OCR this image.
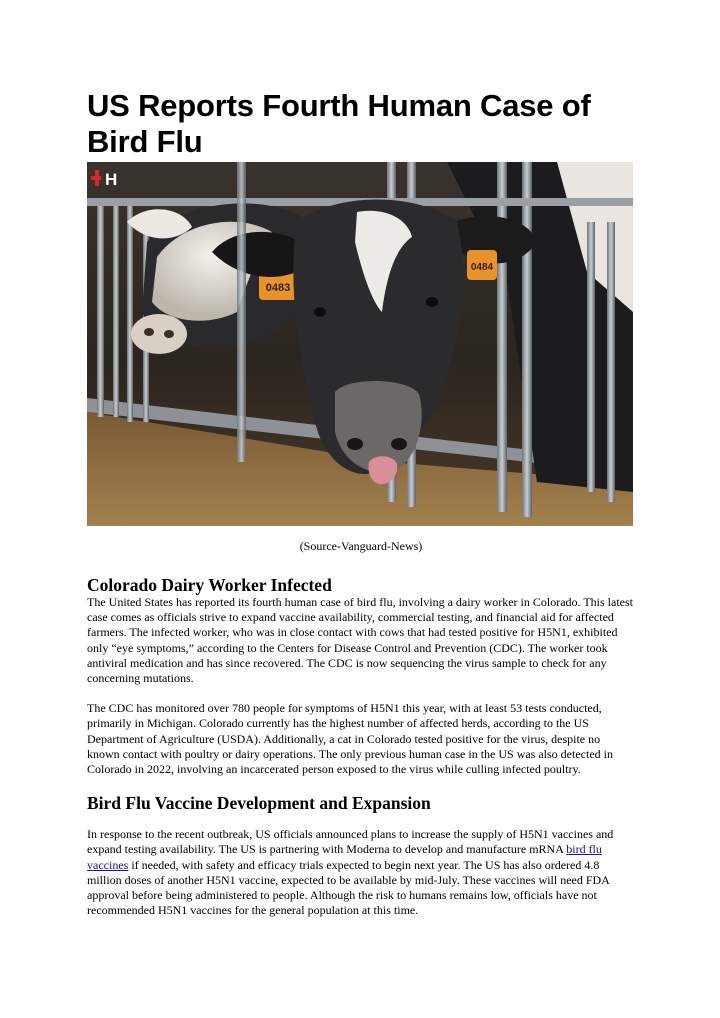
US Reports Fourth Human Case of Bird Flu
0483
0484
H
(Source-Vanguard-News)
Colorado Dairy Worker Infected

The United States has reported its fourth human case of bird flu, involving a dairy worker in Colorado. This latest case comes as officials strive to expand vaccine availability, commercial testing, and financial aid for affected farmers. The infected worker, who was in close contact with cows that had tested positive for H5N1, exhibited only “eye symptoms,” according to the Centers for Disease Control and Prevention (CDC). The worker took antiviral medication and has since recovered. The CDC is now sequencing the virus sample to check for any concerning mutations.

The CDC has monitored over 780 people for symptoms of H5N1 this year, with at least 53 tests conducted, primarily in Michigan. Colorado currently has the highest number of affected herds, according to the US Department of Agriculture (USDA). Additionally, a cat in Colorado tested positive for the virus, despite no known contact with poultry or dairy operations. The only previous human case in the US was also detected in Colorado in 2022, involving an incarcerated person exposed to the virus while culling infected poultry.

Bird Flu Vaccine Development and Expansion

In response to the recent outbreak, US officials announced plans to increase the supply of H5N1 vaccines and expand testing availability. The US is partnering with Moderna to develop and manufacture mRNA bird flu vaccines if needed, with safety and efficacy trials expected to begin next year. The US has also ordered 4.8 million doses of another H5N1 vaccine, expected to be available by mid-July. These vaccines will need FDA approval before being administered to people. Although the risk to humans remains low, officials have not recommended H5N1 vaccines for the general population at this time.
